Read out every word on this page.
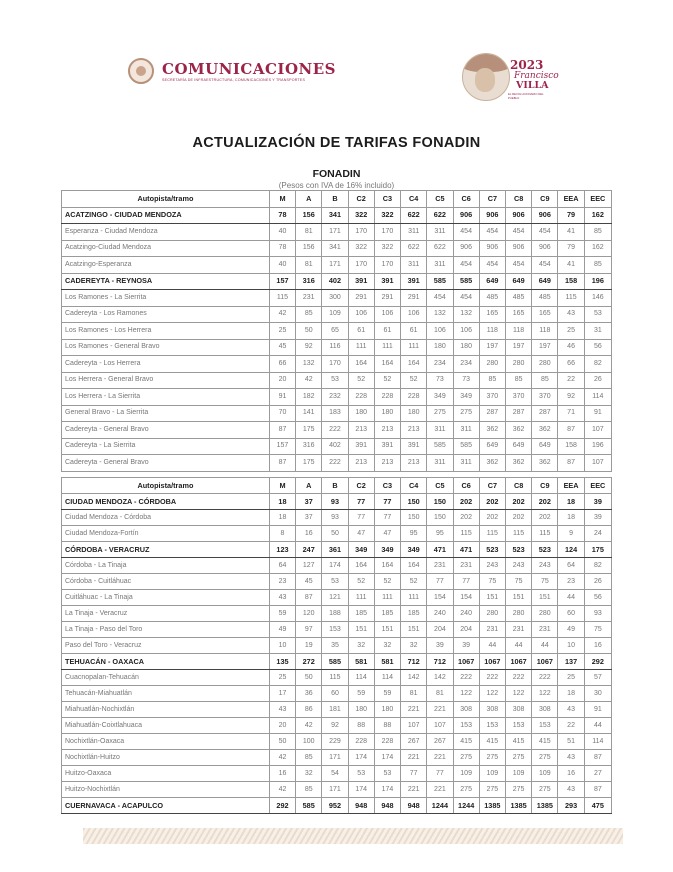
COMUNICACIONES
SECRETARÍA DE INFRAESTRUCTURA, COMUNICACIONES Y TRANSPORTES
2023
Francisco
VILLA
EL REVOLUCIONARIO DEL PUEBLO
ACTUALIZACIÓN DE TARIFAS FONADIN
FONADIN
(Pesos con IVA de 16% incluido)
Autopista/tramo	M	A	B	C2	C3	C4	C5	C6	C7	C8	C9	EEA	EEC
ACATZINGO - CIUDAD MENDOZA	78	156	341	322	322	622	622	906	906	906	906	79	162
Esperanza - Ciudad Mendoza	40	81	171	170	170	311	311	454	454	454	454	41	85
Acatzingo-Ciudad Mendoza	78	156	341	322	322	622	622	906	906	906	906	79	162
Acatzingo-Esperanza	40	81	171	170	170	311	311	454	454	454	454	41	85
CADEREYTA - REYNOSA	157	316	402	391	391	391	585	585	649	649	649	158	196
Los Ramones - La Sierrita	115	231	300	291	291	291	454	454	485	485	485	115	146
Cadereyta - Los Ramones	42	85	109	106	106	106	132	132	165	165	165	43	53
Los Ramones - Los Herrera	25	50	65	61	61	61	106	106	118	118	118	25	31
Los Ramones - General Bravo	45	92	116	111	111	111	180	180	197	197	197	46	56
Cadereyta - Los Herrera	66	132	170	164	164	164	234	234	280	280	280	66	82
Los Herrera - General Bravo	20	42	53	52	52	52	73	73	85	85	85	22	26
Los Herrera - La Sierrita	91	182	232	228	228	228	349	349	370	370	370	92	114
General Bravo - La Sierrita	70	141	183	180	180	180	275	275	287	287	287	71	91
Cadereyta - General Bravo	87	175	222	213	213	213	311	311	362	362	362	87	107
Cadereyta - La Sierrita	157	316	402	391	391	391	585	585	649	649	649	158	196
Cadereyta - General Bravo	87	175	222	213	213	213	311	311	362	362	362	87	107
Autopista/tramo	M	A	B	C2	C3	C4	C5	C6	C7	C8	C9	EEA	EEC
CIUDAD MENDOZA - CÓRDOBA	18	37	93	77	77	150	150	202	202	202	202	18	39
Ciudad Mendoza - Córdoba	18	37	93	77	77	150	150	202	202	202	202	18	39
Ciudad Mendoza-Fortín	8	16	50	47	47	95	95	115	115	115	115	9	24
CÓRDOBA - VERACRUZ	123	247	361	349	349	349	471	471	523	523	523	124	175
Córdoba - La Tinaja	64	127	174	164	164	164	231	231	243	243	243	64	82
Córdoba - Cuitláhuac	23	45	53	52	52	52	77	77	75	75	75	23	26
Cuitláhuac - La Tinaja	43	87	121	111	111	111	154	154	151	151	151	44	56
La Tinaja - Veracruz	59	120	188	185	185	185	240	240	280	280	280	60	93
La Tinaja - Paso del Toro	49	97	153	151	151	151	204	204	231	231	231	49	75
Paso del Toro - Veracruz	10	19	35	32	32	32	39	39	44	44	44	10	16
TEHUACÁN - OAXACA	135	272	585	581	581	712	712	1067	1067	1067	1067	137	292
Cuacnopalan-Tehuacán	25	50	115	114	114	142	142	222	222	222	222	25	57
Tehuacán-Miahuatlán	17	36	60	59	59	81	81	122	122	122	122	18	30
Miahuatlán-Nochixtlán	43	86	181	180	180	221	221	308	308	308	308	43	91
Miahuatlán-Coixtlahuaca	20	42	92	88	88	107	107	153	153	153	153	22	44
Nochixtlán-Oaxaca	50	100	229	228	228	267	267	415	415	415	415	51	114
Nochixtlán-Huitzo	42	85	171	174	174	221	221	275	275	275	275	43	87
Huitzo-Oaxaca	16	32	54	53	53	77	77	109	109	109	109	16	27
Huitzo-Nochixtlán	42	85	171	174	174	221	221	275	275	275	275	43	87
CUERNAVACA - ACAPULCO	292	585	952	948	948	948	1244	1244	1385	1385	1385	293	475
